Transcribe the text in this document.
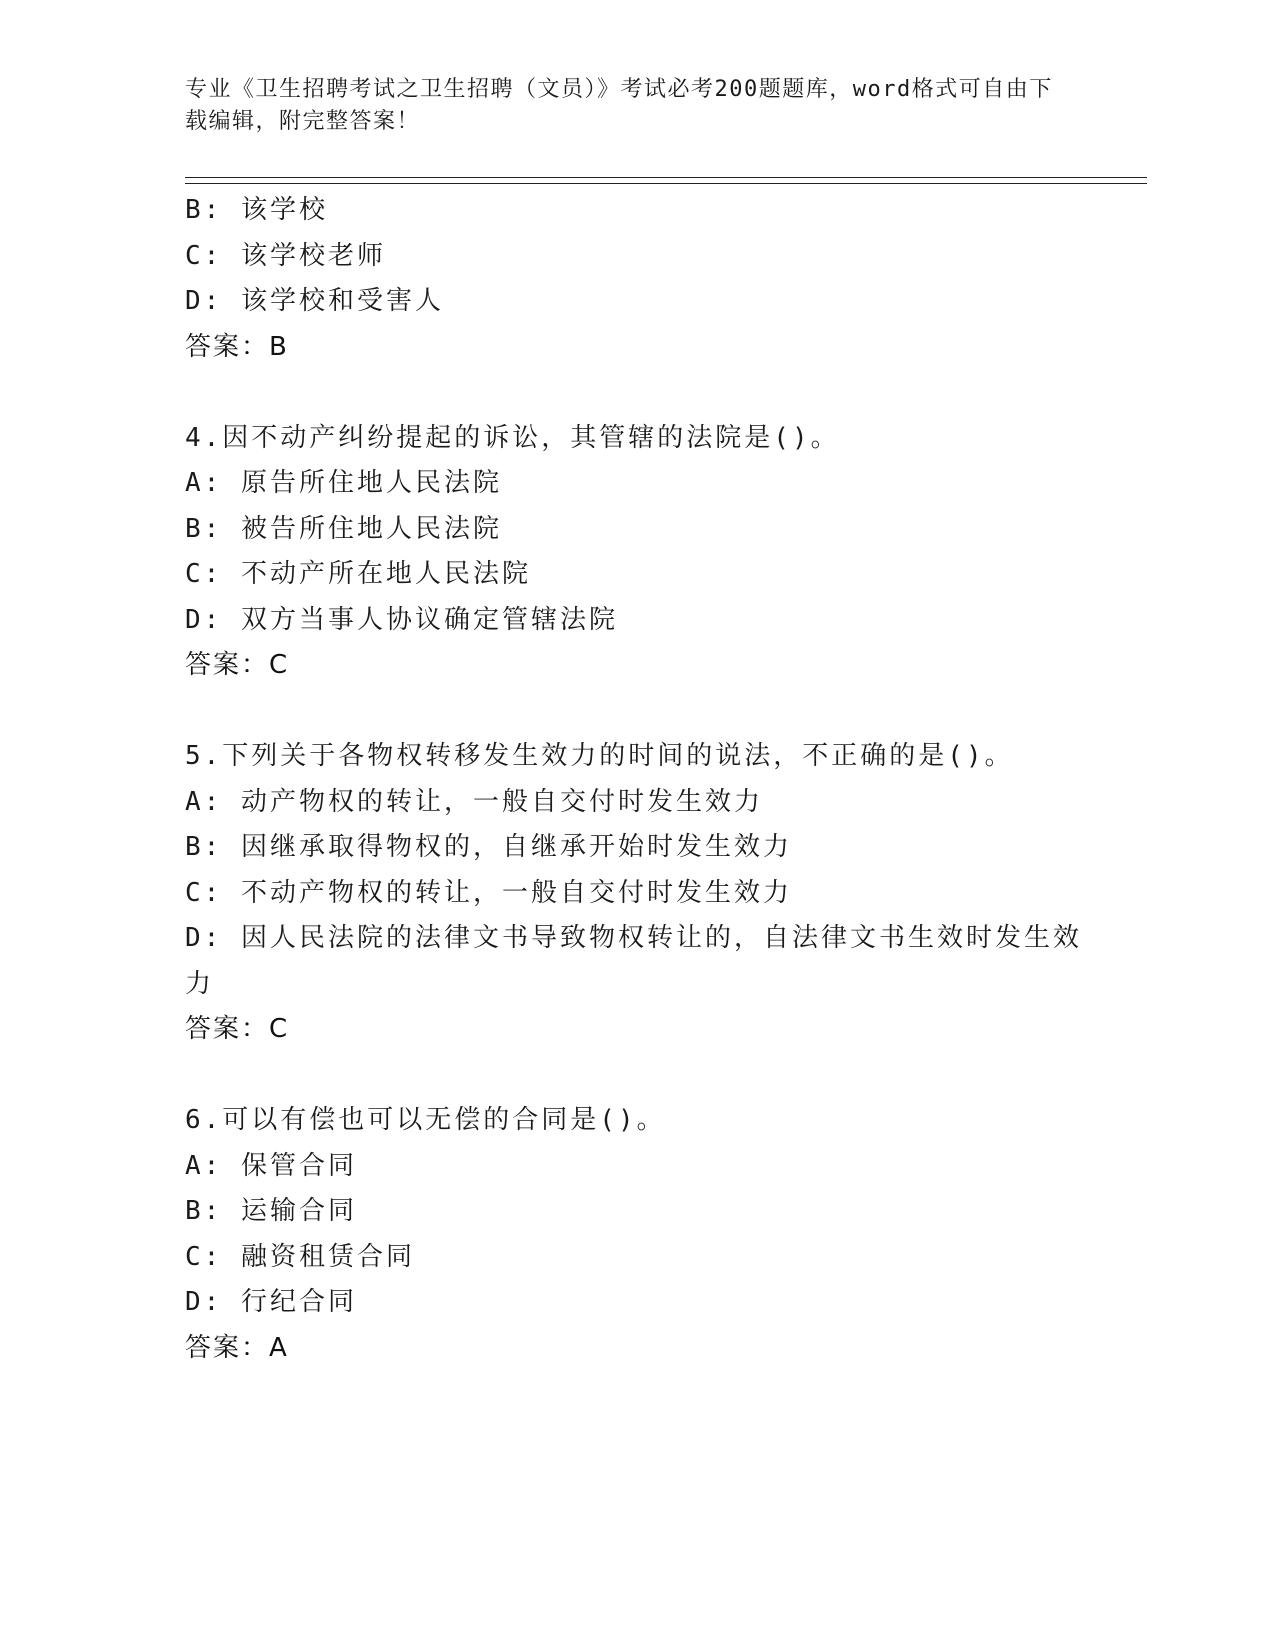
专业《卫生招聘考试之卫生招聘（文员）》考试必考200题题库，word格式可自由下载编辑，附完整答案！
B: 该学校
C: 该学校老师
D: 该学校和受害人
答案：B
4.因不动产纠纷提起的诉讼，其管辖的法院是()。
A: 原告所住地人民法院
B: 被告所住地人民法院
C: 不动产所在地人民法院
D: 双方当事人协议确定管辖法院
答案：C
5.下列关于各物权转移发生效力的时间的说法，不正确的是()。
A: 动产物权的转让，一般自交付时发生效力
B: 因继承取得物权的，自继承开始时发生效力
C: 不动产物权的转让，一般自交付时发生效力
D: 因人民法院的法律文书导致物权转让的，自法律文书生效时发生效力
答案：C
6.可以有偿也可以无偿的合同是()。
A: 保管合同
B: 运输合同
C: 融资租赁合同
D: 行纪合同
答案：A
